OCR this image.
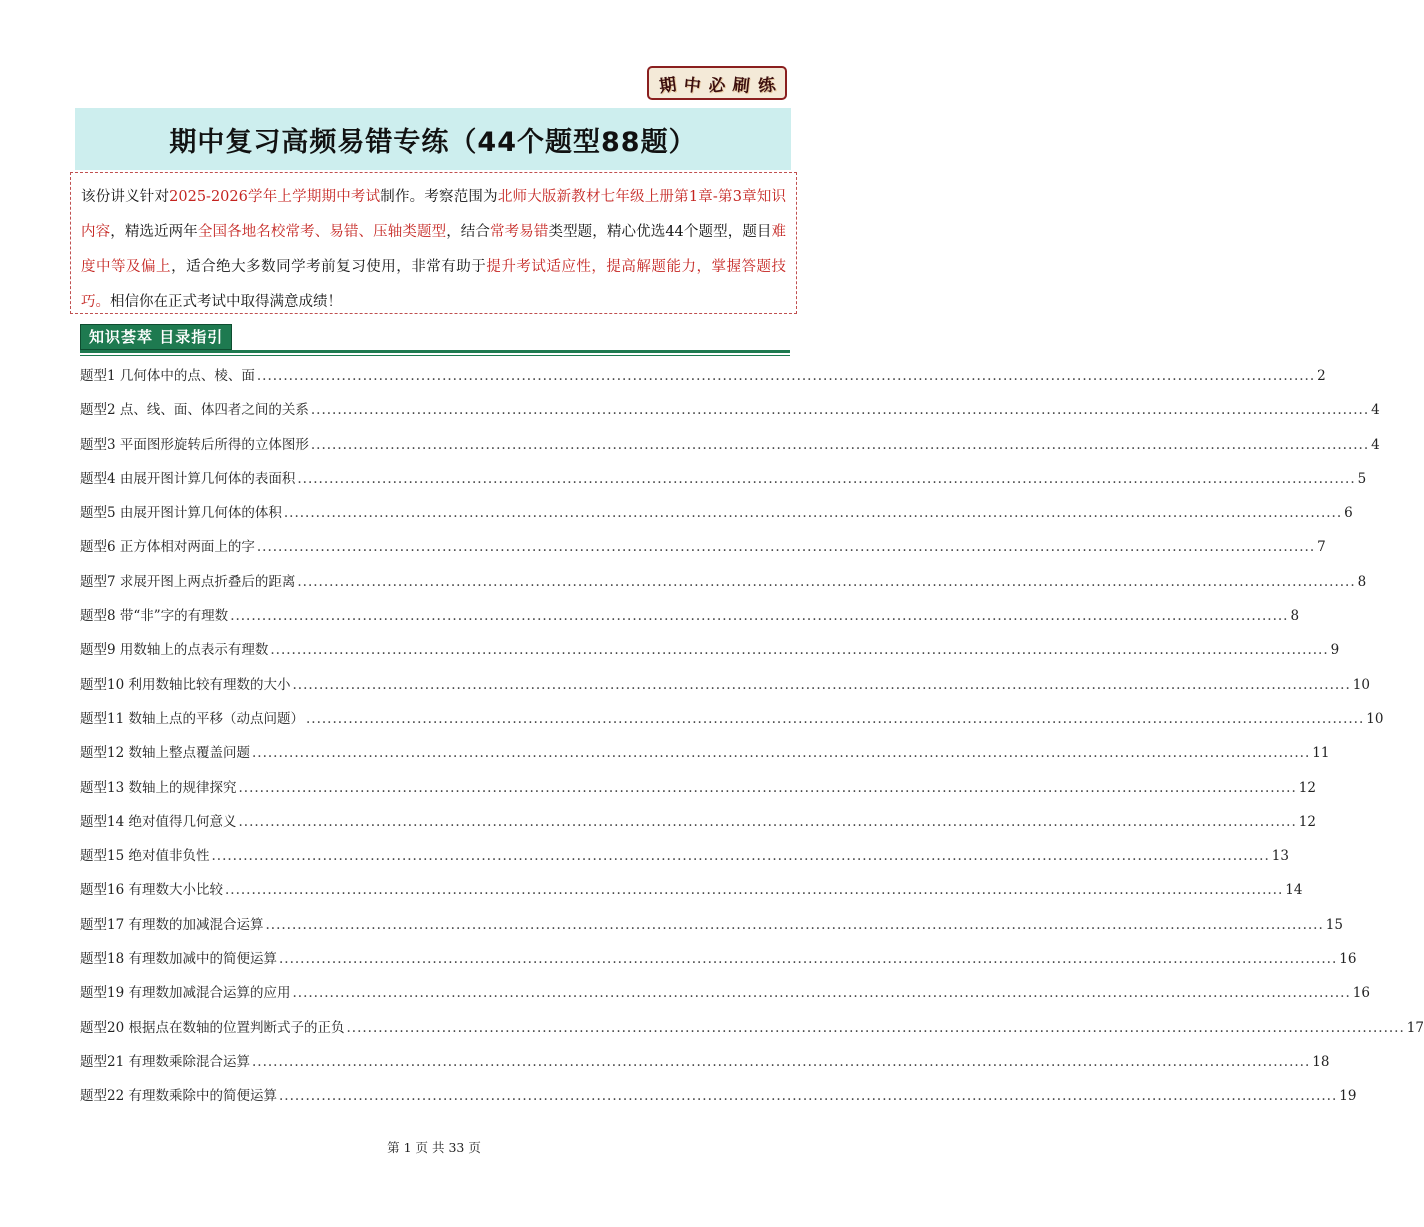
期 中 必 刷 练
期中复习高频易错专练（44个题型88题）
该份讲义针对2025-2026学年上学期期中考试制作。考察范围为北师大版新教材七年级上册第1章-第3章知识内容，精选近两年全国各地名校常考、易错、压轴类题型，结合常考易错类型题，精心优选44个题型，题目难度中等及偏上，适合绝大多数同学考前复习使用，非常有助于提升考试适应性，提高解题能力，掌握答题技巧。相信你在正式考试中取得满意成绩！
知识荟萃 目录指引
题型1 几何体中的点、棱、面 ........................................................................................................................................................................................................ 2
题型2 点、线、面、体四者之间的关系 ........................................................................................................................................................................................................ 4
题型3 平面图形旋转后所得的立体图形 ........................................................................................................................................................................................................ 4
题型4 由展开图计算几何体的表面积 ........................................................................................................................................................................................................ 5
题型5 由展开图计算几何体的体积 ........................................................................................................................................................................................................ 6
题型6 正方体相对两面上的字 ........................................................................................................................................................................................................ 7
题型7 求展开图上两点折叠后的距离 ........................................................................................................................................................................................................ 8
题型8 带“非”字的有理数 ........................................................................................................................................................................................................ 8
题型9 用数轴上的点表示有理数 ........................................................................................................................................................................................................ 9
题型10 利用数轴比较有理数的大小 ........................................................................................................................................................................................................ 10
题型11 数轴上点的平移（动点问题） ........................................................................................................................................................................................................ 10
题型12 数轴上整点覆盖问题 ........................................................................................................................................................................................................ 11
题型13 数轴上的规律探究 ........................................................................................................................................................................................................ 12
题型14 绝对值得几何意义 ........................................................................................................................................................................................................ 12
题型15 绝对值非负性 ........................................................................................................................................................................................................ 13
题型16 有理数大小比较 ........................................................................................................................................................................................................ 14
题型17 有理数的加减混合运算 ........................................................................................................................................................................................................ 15
题型18 有理数加减中的简便运算 ........................................................................................................................................................................................................ 16
题型19 有理数加减混合运算的应用 ........................................................................................................................................................................................................ 16
题型20 根据点在数轴的位置判断式子的正负 ........................................................................................................................................................................................................ 17
题型21 有理数乘除混合运算 ........................................................................................................................................................................................................ 18
题型22 有理数乘除中的简便运算 ........................................................................................................................................................................................................ 19
第 1 页 共 33 页
